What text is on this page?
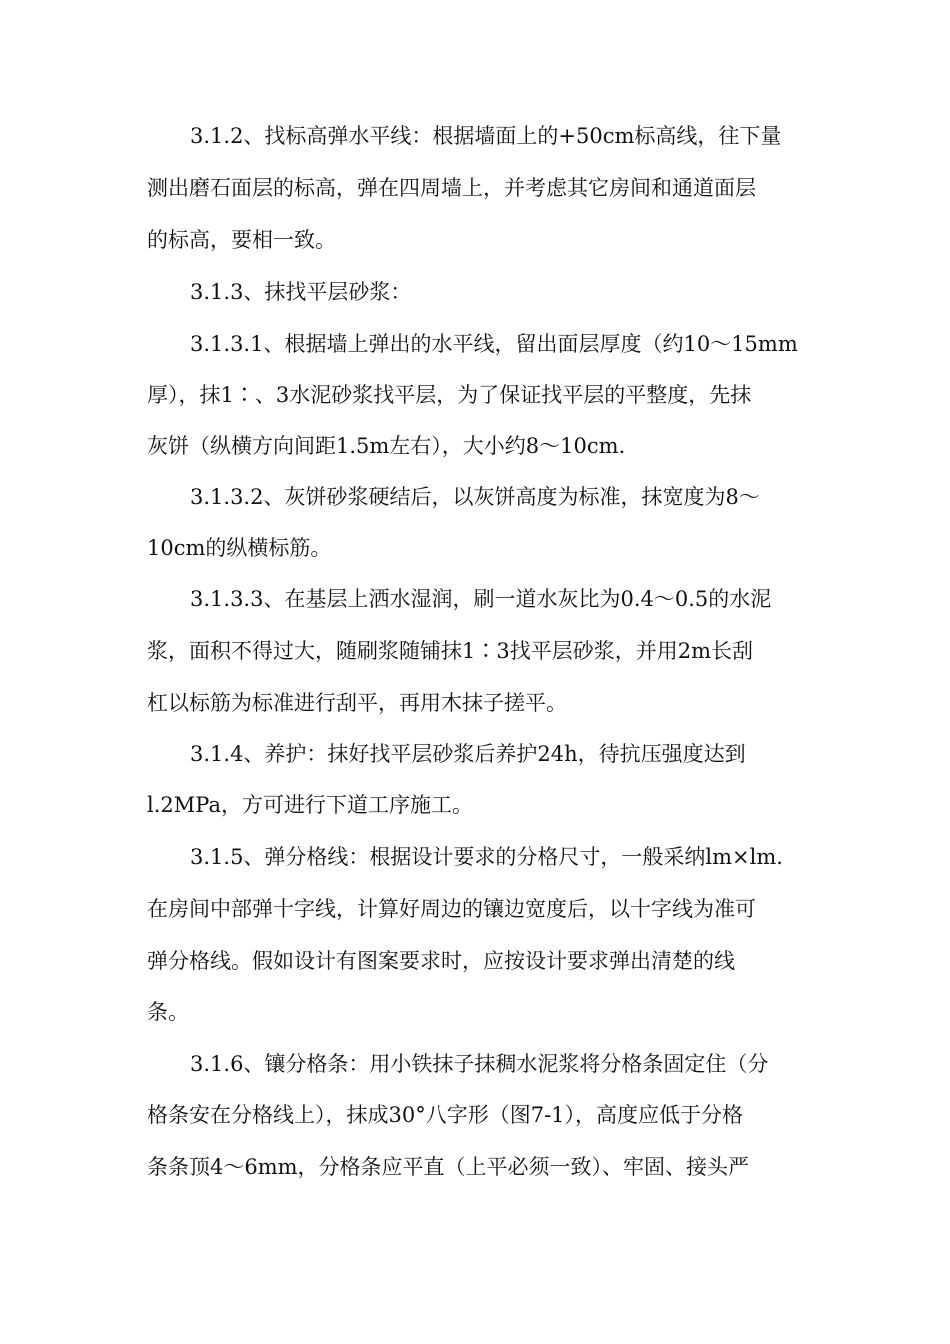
3.1.2、找标高弹水平线：根据墙面上的+50cm标高线，往下量
测出磨石面层的标高，弹在四周墙上，并考虑其它房间和通道面层
的标高，要相一致。
3.1.3、抹找平层砂浆：
3.1.3.1、根据墙上弹出的水平线，留出面层厚度（约10～15mm
厚），抹1∶、3水泥砂浆找平层，为了保证找平层的平整度，先抹
灰饼（纵横方向间距1.5m左右），大小约8～10cm.
3.1.3.2、灰饼砂浆硬结后，以灰饼高度为标准，抹宽度为8～
10cm的纵横标筋。
3.1.3.3、在基层上洒水湿润，刷一道水灰比为0.4～0.5的水泥
浆，面积不得过大，随刷浆随铺抹1∶3找平层砂浆，并用2m长刮
杠以标筋为标准进行刮平，再用木抹子搓平。
3.1.4、养护：抹好找平层砂浆后养护24h，待抗压强度达到
l.2MPa，方可进行下道工序施工。
3.1.5、弹分格线：根据设计要求的分格尺寸，一般采纳lm×lm.
在房间中部弹十字线，计算好周边的镶边宽度后，以十字线为准可
弹分格线。假如设计有图案要求时，应按设计要求弹出清楚的线
条。
3.1.6、镶分格条：用小铁抹子抹稠水泥浆将分格条固定住（分
格条安在分格线上），抹成30°八字形（图7-1），高度应低于分格
条条顶4～6mm，分格条应平直（上平必须一致）、牢固、接头严
